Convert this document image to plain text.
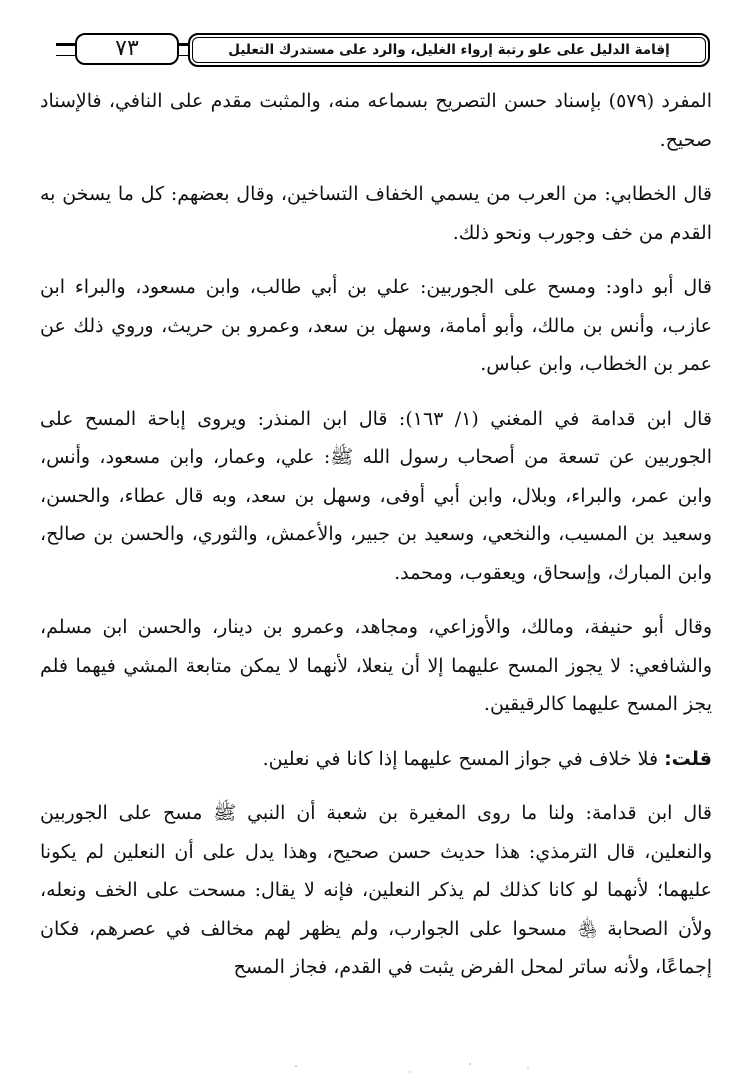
٧٣	إقامة الدليل على علو رتبة إرواء الغليل، والرد على مستدرك التعليل

المفرد (٥٧٩) بإسناد حسن التصريح بسماعه منه، والمثبت مقدم على النافي، فالإسناد صحيح.

قال الخطابي: من العرب من يسمي الخفاف التساخين، وقال بعضهم: كل ما يسخن به القدم من خف وجورب ونحو ذلك.

قال أبو داود: ومسح على الجوربين: علي بن أبي طالب، وابن مسعود، والبراء ابن عازب، وأنس بن مالك، وأبو أمامة، وسهل بن سعد، وعمرو بن حريث، وروي ذلك عن عمر بن الخطاب، وابن عباس.

قال ابن قدامة في المغني (١/ ١٦٣): قال ابن المنذر: ويروى إباحة المسح على الجوربين عن تسعة من أصحاب رسول الله ﷺ: علي، وعمار، وابن مسعود، وأنس، وابن عمر، والبراء، وبلال، وابن أبي أوفى، وسهل بن سعد، وبه قال عطاء، والحسن، وسعيد بن المسيب، والنخعي، وسعيد بن جبير، والأعمش، والثوري، والحسن بن صالح، وابن المبارك، وإسحاق، ويعقوب، ومحمد.

وقال أبو حنيفة، ومالك، والأوزاعي، ومجاهد، وعمرو بن دينار، والحسن ابن مسلم، والشافعي: لا يجوز المسح عليهما إلا أن ينعلا، لأنهما لا يمكن متابعة المشي فيهما فلم يجز المسح عليهما كالرقيقين.

قلت: فلا خلاف في جواز المسح عليهما إذا كانا في نعلين.

قال ابن قدامة: ولنا ما روى المغيرة بن شعبة أن النبي ﷺ مسح على الجوربين والنعلين، قال الترمذي: هذا حديث حسن صحيح، وهذا يدل على أن النعلين لم يكونا عليهما؛ لأنهما لو كانا كذلك لم يذكر النعلين، فإنه لا يقال: مسحت على الخف ونعله، ولأن الصحابة ﵃ مسحوا على الجوارب، ولم يظهر لهم مخالف في عصرهم، فكان إجماعًا، ولأنه ساتر لمحل الفرض يثبت في القدم، فجاز المسح
